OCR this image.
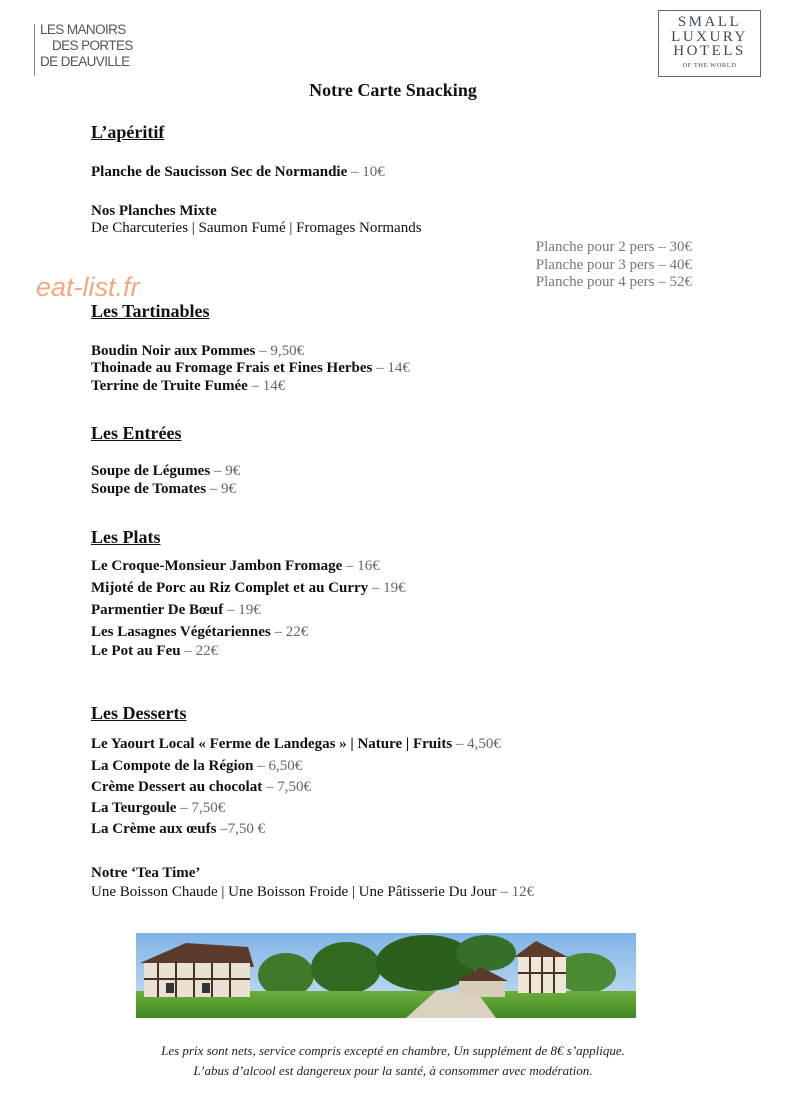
LES MANOIRS
DES PORTES
DE DEAUVILLE
SMALL
LUXURY
HOTELS
OF THE WORLD
Notre Carte Snacking
eat-list.fr
L’apéritif
Planche de Saucisson Sec de Normandie – 10€
Nos Planches Mixte
De Charcuteries | Saumon Fumé | Fromages Normands
Planche pour 2 pers – 30€
Planche pour 3 pers – 40€
Planche pour 4 pers – 52€
Les Tartinables
Boudin Noir aux Pommes – 9,50€
Thoinade au Fromage Frais et Fines Herbes – 14€
Terrine de Truite Fumée – 14€
Les Entrées
Soupe de Légumes – 9€
Soupe de Tomates – 9€
Les Plats
Le Croque-Monsieur Jambon Fromage – 16€
Mijoté de Porc au Riz Complet et au Curry – 19€
Parmentier De Bœuf – 19€
Les Lasagnes Végétariennes – 22€
Le Pot au Feu – 22€
Les Desserts
Le Yaourt Local « Ferme de Landegas » | Nature | Fruits – 4,50€
La Compote de la Région – 6,50€
Crème Dessert au chocolat – 7,50€
La Teurgoule – 7,50€
La Crème aux œufs –7,50 €
Notre ‘Tea Time’
Une Boisson Chaude | Une Boisson Froide | Une Pâtisserie Du Jour – 12€
Les prix sont nets, service compris excepté en chambre, Un supplément de 8€ s’applique.
L’abus d’alcool est dangereux pour la santé, à consommer avec modération.
